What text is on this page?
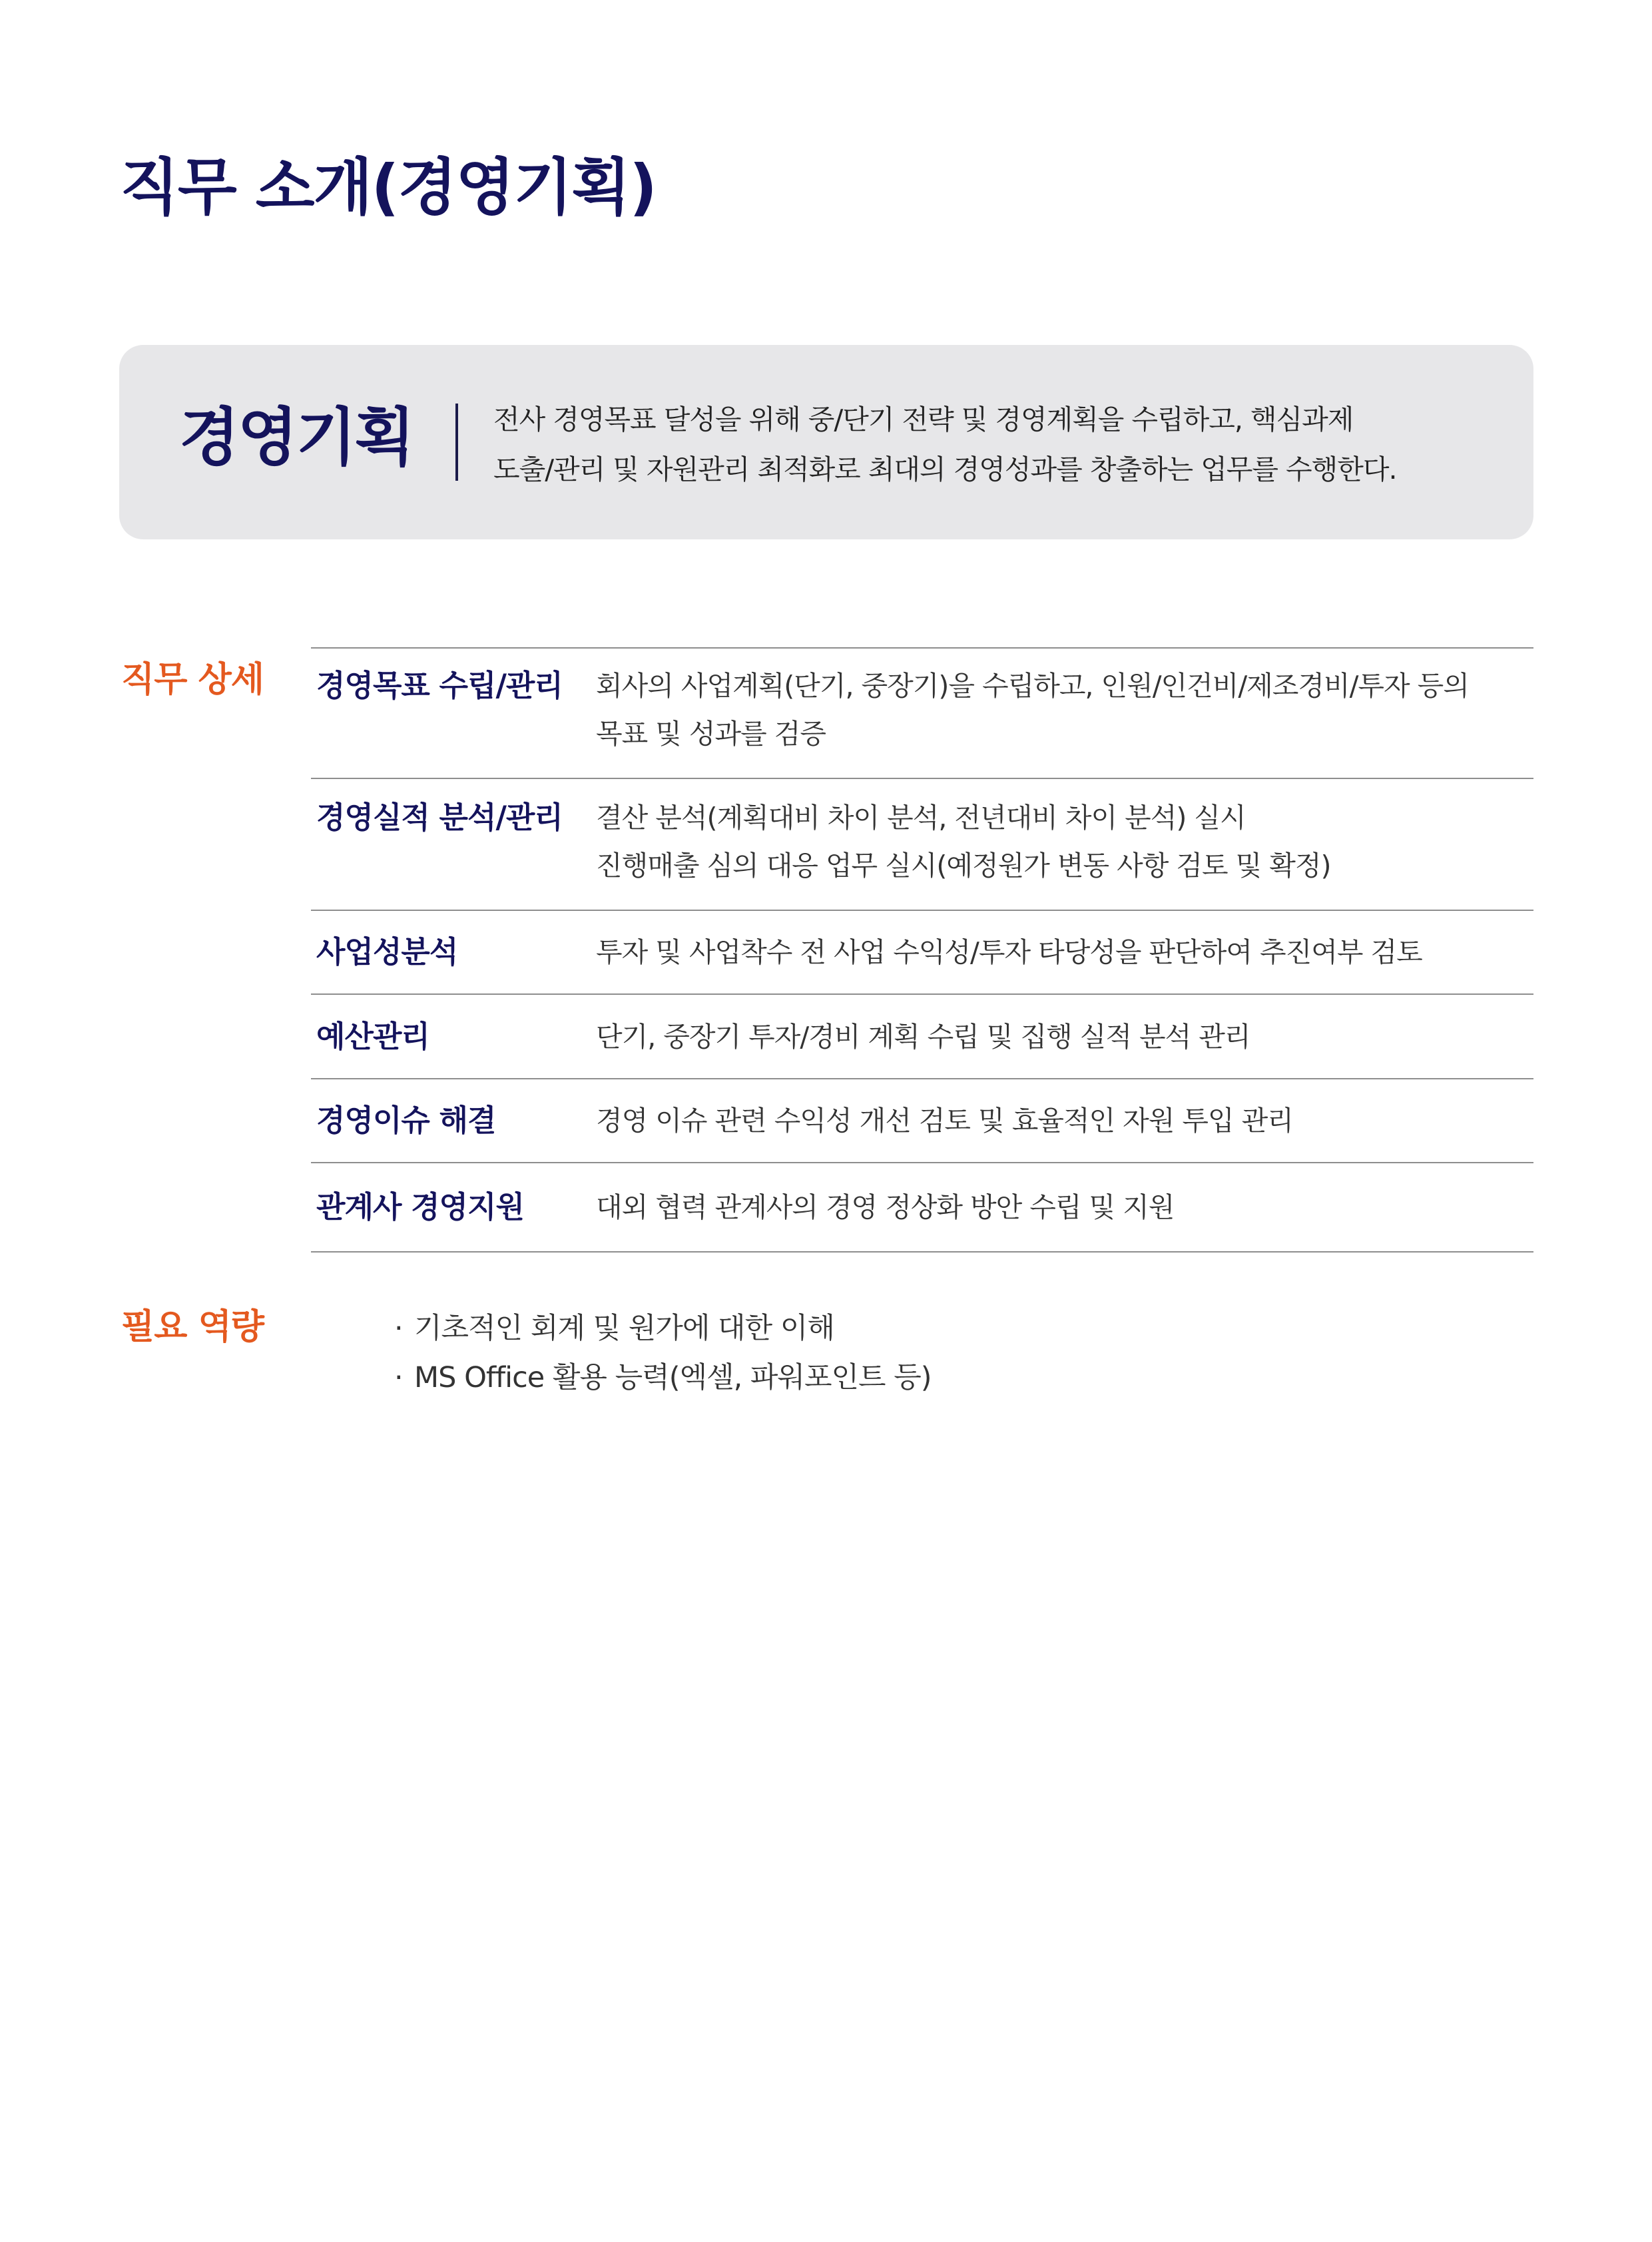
직무 소개(경영기획)
경영기획	전사 경영목표 달성을 위해 중/단기 전략 및 경영계획을 수립하고, 핵심과제
도출/관리 및 자원관리 최적화로 최대의 경영성과를 창출하는 업무를 수행한다.
직무 상세 경영목표 수립/관리	회사의 사업계획(단기, 중장기)을 수립하고, 인원/인건비/제조경비/투자 등의
목표 및 성과를 검증
경영실적 분석/관리	결산 분석(계획대비 차이 분석, 전년대비 차이 분석) 실시
진행매출 심의 대응 업무 실시(예정원가 변동 사항 검토 및 확정)
사업성분석	투자 및 사업착수 전 사업 수익성/투자 타당성을 판단하여 추진여부 검토
예산관리	단기, 중장기 투자/경비 계획 수립 및 집행 실적 분석 관리
경영이슈 해결	경영 이슈 관련 수익성 개선 검토 및 효율적인 자원 투입 관리
관계사 경영지원	대외 협력 관계사의 경영 정상화 방안 수립 및 지원
필요 역량	· 기초적인 회계 및 원가에 대한 이해
· MS Office 활용 능력(엑셀, 파워포인트 등)
